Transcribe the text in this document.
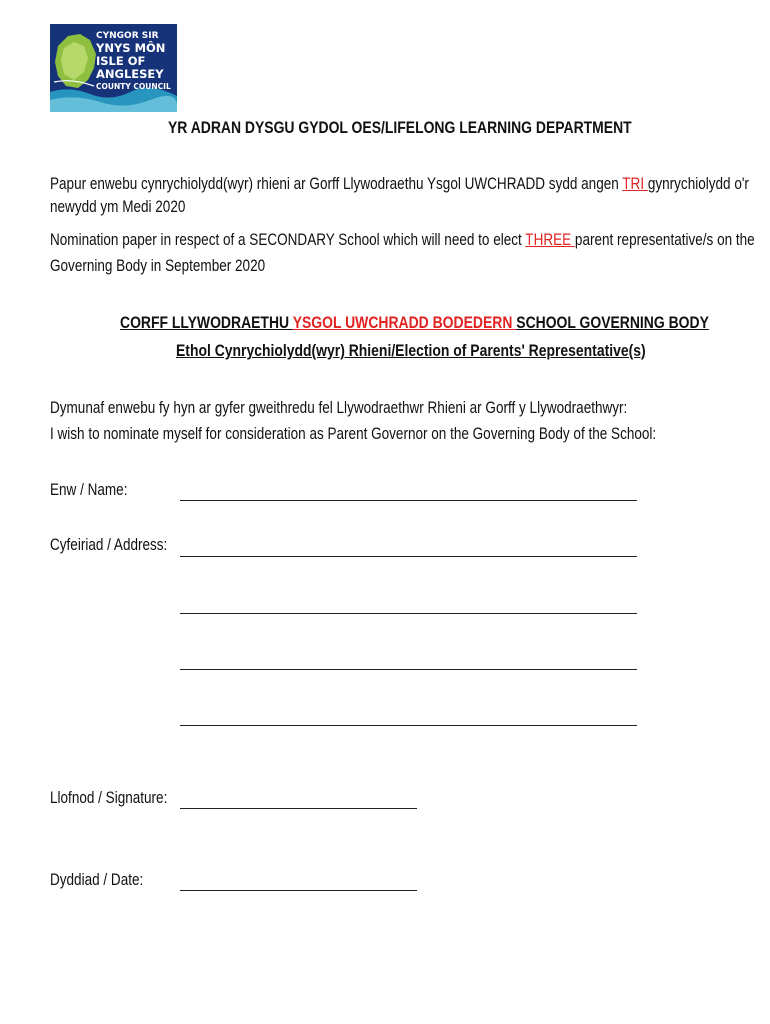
CYNGOR SIR
YNYS MÔN
ISLE OF ANGLESEY
COUNTY COUNCIL
YR ADRAN DYSGU GYDOL OES/LIFELONG LEARNING DEPARTMENT
Papur enwebu cynrychiolydd(wyr) rhieni ar Gorff Llywodraethu Ysgol UWCHRADD sydd angen TRI gynrychiolydd o'r
newydd ym Medi 2020
Nomination paper in respect of a SECONDARY School which will need to elect THREE parent representative/s on the
Governing Body in September 2020
CORFF LLYWODRAETHU YSGOL UWCHRADD BODEDERN SCHOOL GOVERNING BODY
Ethol Cynrychiolydd(wyr) Rhieni/Election of Parents' Representative(s)
Dymunaf enwebu fy hyn ar gyfer gweithredu fel Llywodraethwr Rhieni ar Gorff y Llywodraethwyr:
I wish to nominate myself for consideration as Parent Governor on the Governing Body of the School:
Enw / Name:
Cyfeiriad / Address:
Llofnod / Signature:
Dyddiad / Date:
